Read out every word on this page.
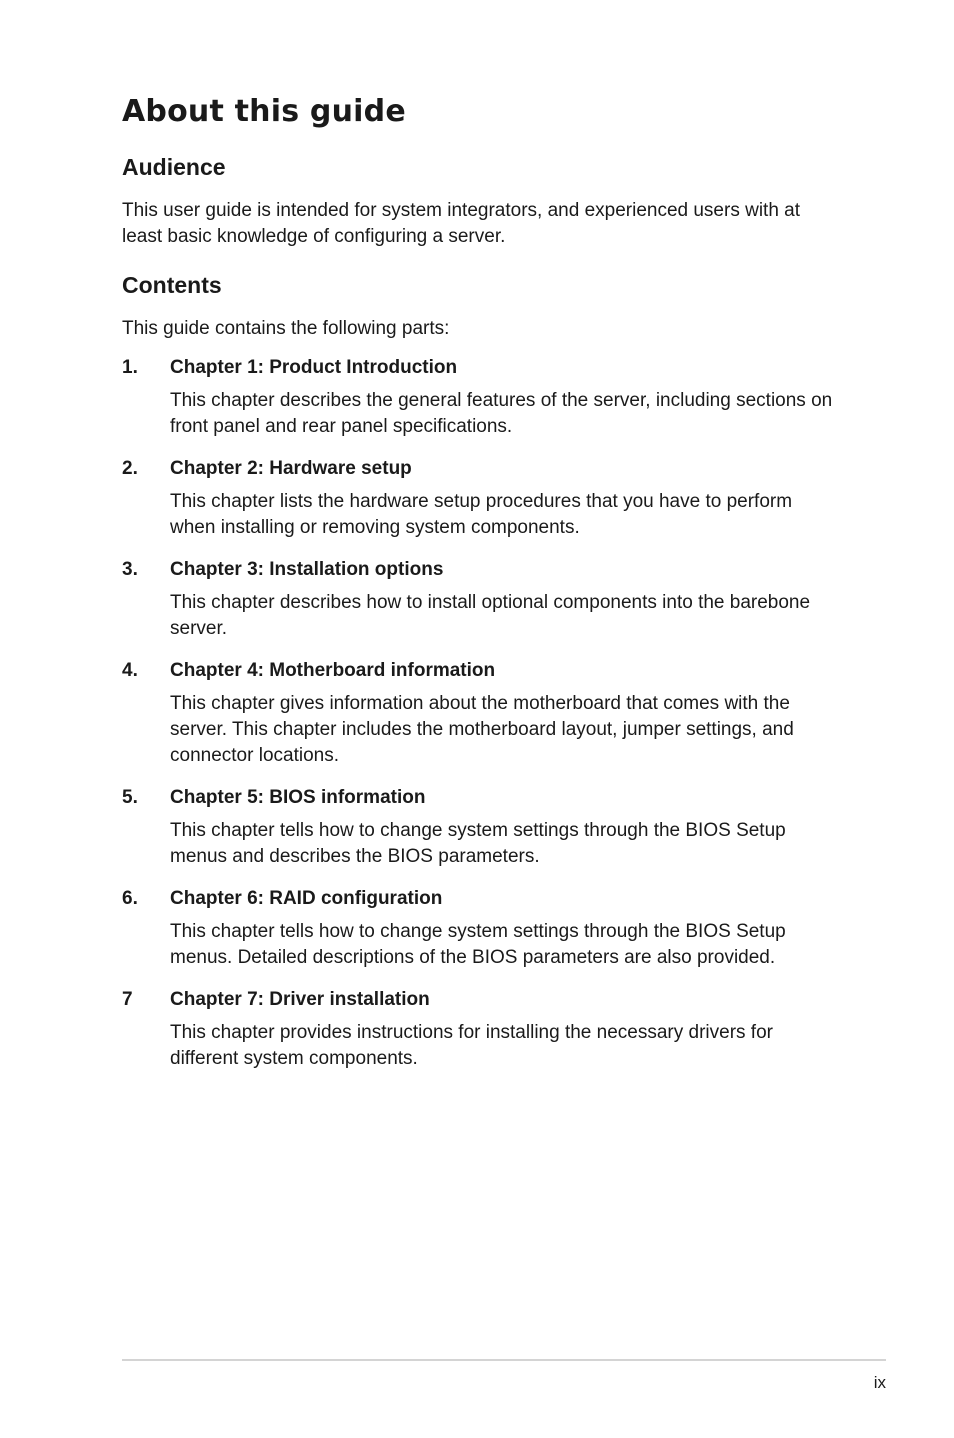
About this guide
Audience

This user guide is intended for system integrators, and experienced users with at least basic knowledge of configuring a server.

Contents

This guide contains the following parts:

1. Chapter 1: Product Introduction

This chapter describes the general features of the server, including sections on front panel and rear panel specifications.

2. Chapter 2: Hardware setup

This chapter lists the hardware setup procedures that you have to perform when installing or removing system components.

3. Chapter 3: Installation options

This chapter describes how to install optional components into the barebone server.

4. Chapter 4: Motherboard information

This chapter gives information about the motherboard that comes with the server. This chapter includes the motherboard layout, jumper settings, and connector locations.

5. Chapter 5: BIOS information

This chapter tells how to change system settings through the BIOS Setup menus and describes the BIOS parameters.

6. Chapter 6: RAID configuration

This chapter tells how to change system settings through the BIOS Setup menus. Detailed descriptions of the BIOS parameters are also provided.

7 Chapter 7: Driver installation

This chapter provides instructions for installing the necessary drivers for different system components.

ix
